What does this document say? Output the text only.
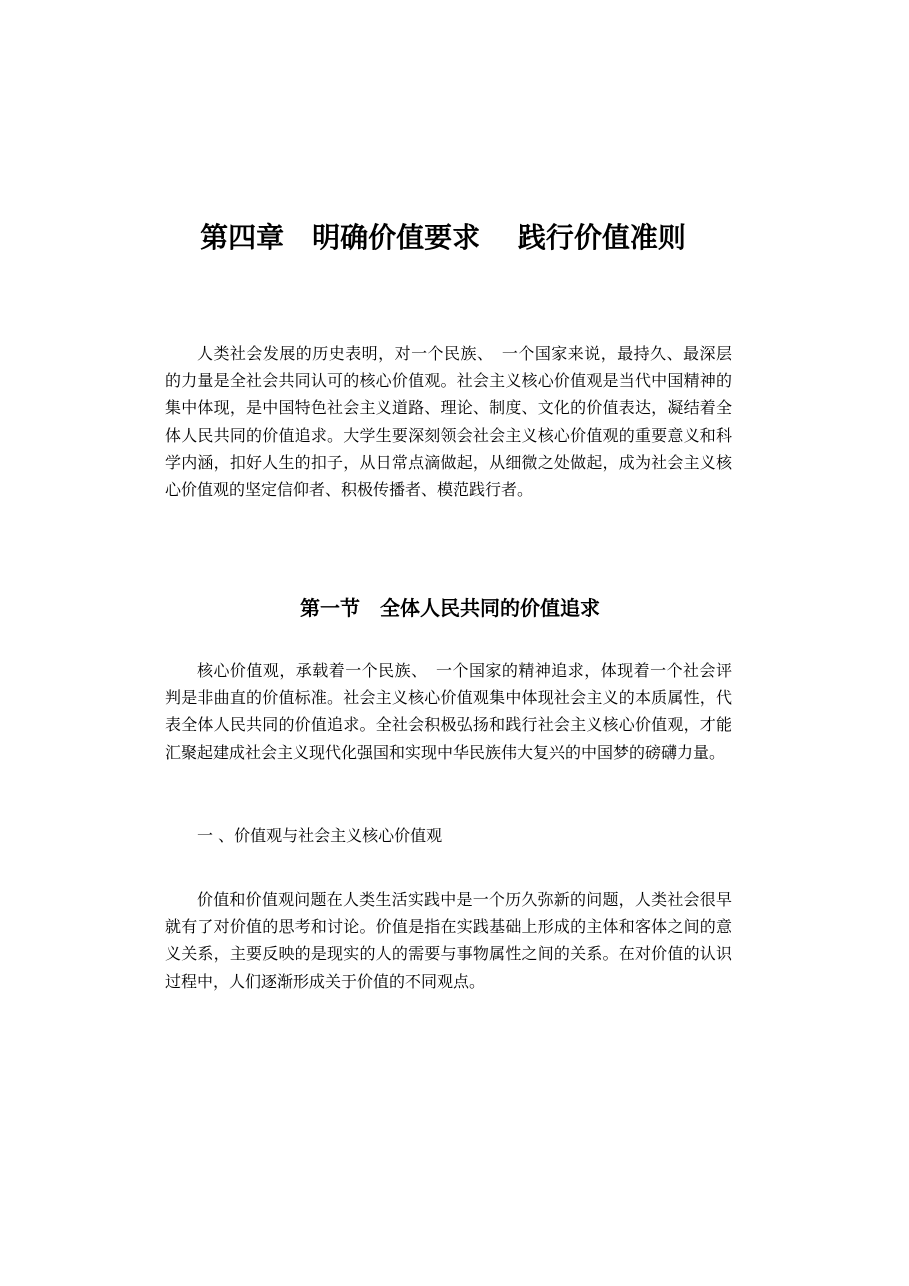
第四章　明确价值要求　 践行价值准则

人类社会发展的历史表明，对一个民族、　一个国家来说，最持久、最深层的力量是全社会共同认可的核心价值观。社会主义核心价值观是当代中国精神的集中体现，是中国特色社会主义道路、理论、制度、文化的价值表达，凝结着全体人民共同的价值追求。大学生要深刻领会社会主义核心价值观的重要意义和科学内涵，扣好人生的扣子，从日常点滴做起，从细微之处做起，成为社会主义核心价值观的坚定信仰者、积极传播者、模范践行者。

第一节　全体人民共同的价值追求

核心价值观，承载着一个民族、　一个国家的精神追求，体现着一个社会评判是非曲直的价值标准。社会主义核心价值观集中体现社会主义的本质属性，代表全体人民共同的价值追求。全社会积极弘扬和践行社会主义核心价值观，才能汇聚起建成社会主义现代化强国和实现中华民族伟大复兴的中国梦的磅礴力量。

一 、价值观与社会主义核心价值观

价值和价值观问题在人类生活实践中是一个历久弥新的问题，人类社会很早就有了对价值的思考和讨论。价值是指在实践基础上形成的主体和客体之间的意义关系，主要反映的是现实的人的需要与事物属性之间的关系。在对价值的认识过程中，人们逐渐形成关于价值的不同观点。
